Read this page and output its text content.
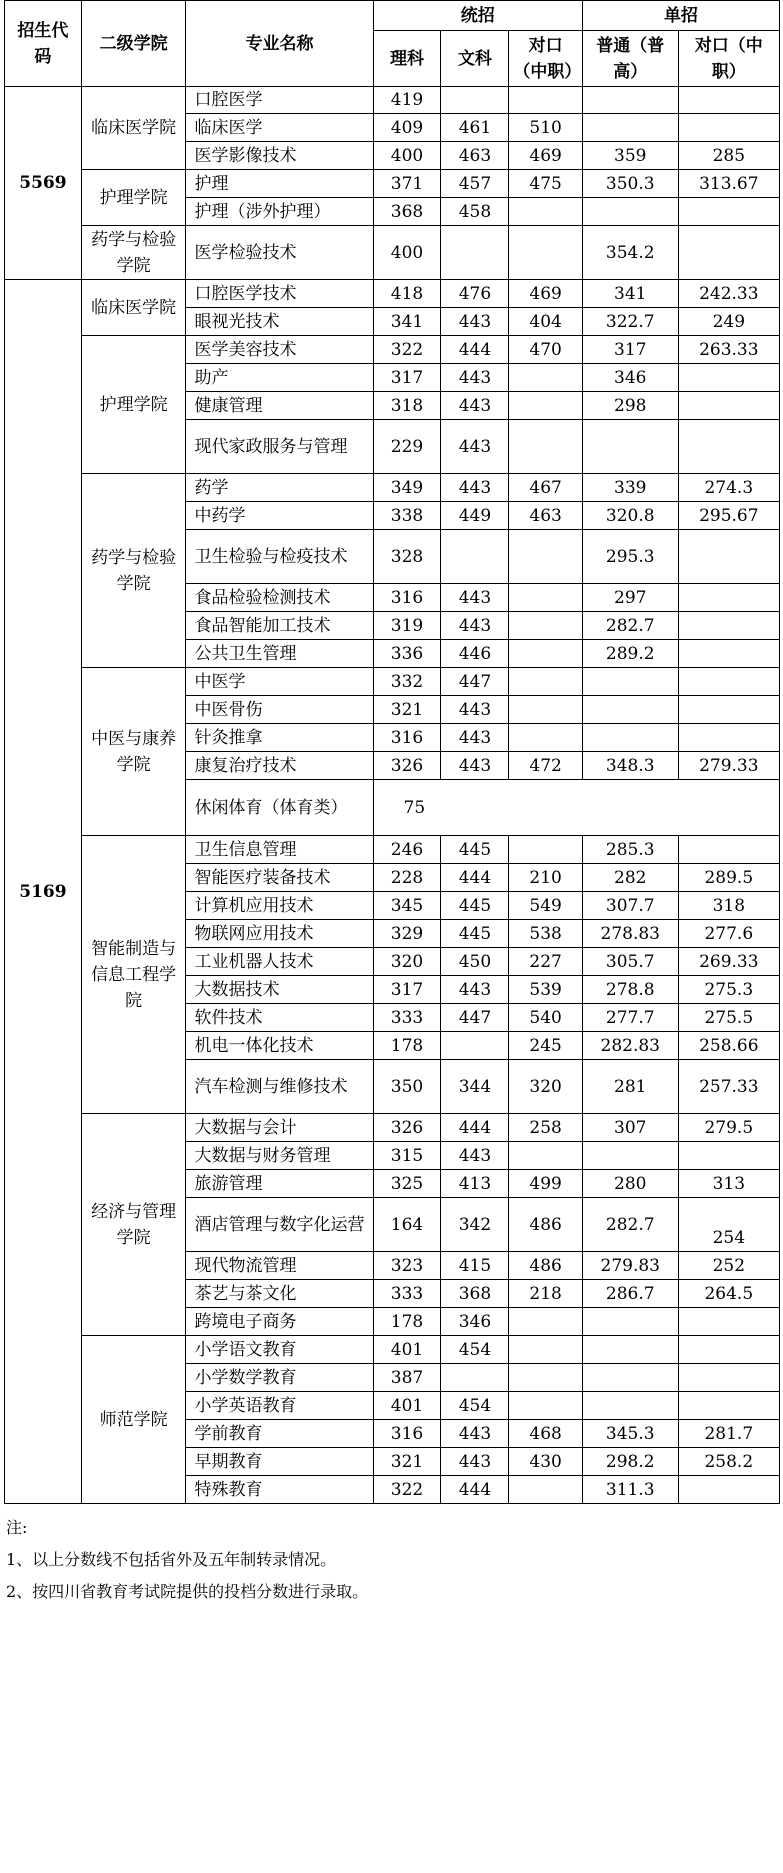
招生代码	二级学院	专业名称	统招			单招	
			理科	文科	对口（中职）	普通（普高）	对口（中职）
5569	临床医学院	口腔医学	419				
		临床医学	409	461	510		
		医学影像技术	400	463	469	359	285
	护理学院	护理	371	457	475	350.3	313.67
		护理（涉外护理）	368	458			
	药学与检验学院	医学检验技术	400			354.2	
5169	临床医学院	口腔医学技术	418	476	469	341	242.33
		眼视光技术	341	443	404	322.7	249
	护理学院	医学美容技术	322	444	470	317	263.33
		助产	317	443		346	
		健康管理	318	443		298	
		现代家政服务与管理	229	443			
	药学与检验学院	药学	349	443	467	339	274.3
		中药学	338	449	463	320.8	295.67
		卫生检验与检疫技术	328			295.3	
		食品检验检测技术	316	443		297	
		食品智能加工技术	319	443		282.7	
		公共卫生管理	336	446		289.2	
	中医与康养学院	中医学	332	447			
		中医骨伤	321	443			
		针灸推拿	316	443			
		康复治疗技术	326	443	472	348.3	279.33
		休闲体育（体育类）	75				
	智能制造与信息工程学院	卫生信息管理	246	445		285.3	
		智能医疗装备技术	228	444	210	282	289.5
		计算机应用技术	345	445	549	307.7	318
		物联网应用技术	329	445	538	278.83	277.6
		工业机器人技术	320	450	227	305.7	269.33
		大数据技术	317	443	539	278.8	275.3
		软件技术	333	447	540	277.7	275.5
		机电一体化技术	178		245	282.83	258.66
		汽车检测与维修技术	350	344	320	281	257.33
	经济与管理学院	大数据与会计	326	444	258	307	279.5
		大数据与财务管理	315	443			
		旅游管理	325	413	499	280	313
		酒店管理与数字化运营	164	342	486	282.7	254
		现代物流管理	323	415	486	279.83	252
		茶艺与茶文化	333	368	218	286.7	264.5
		跨境电子商务	178	346			
	师范学院	小学语文教育	401	454			
		小学数学教育	387				
		小学英语教育	401	454			
		学前教育	316	443	468	345.3	281.7
		早期教育	321	443	430	298.2	258.2
		特殊教育	322	444		311.3	
注:
1、以上分数线不包括省外及五年制转录情况。
2、按四川省教育考试院提供的投档分数进行录取。
